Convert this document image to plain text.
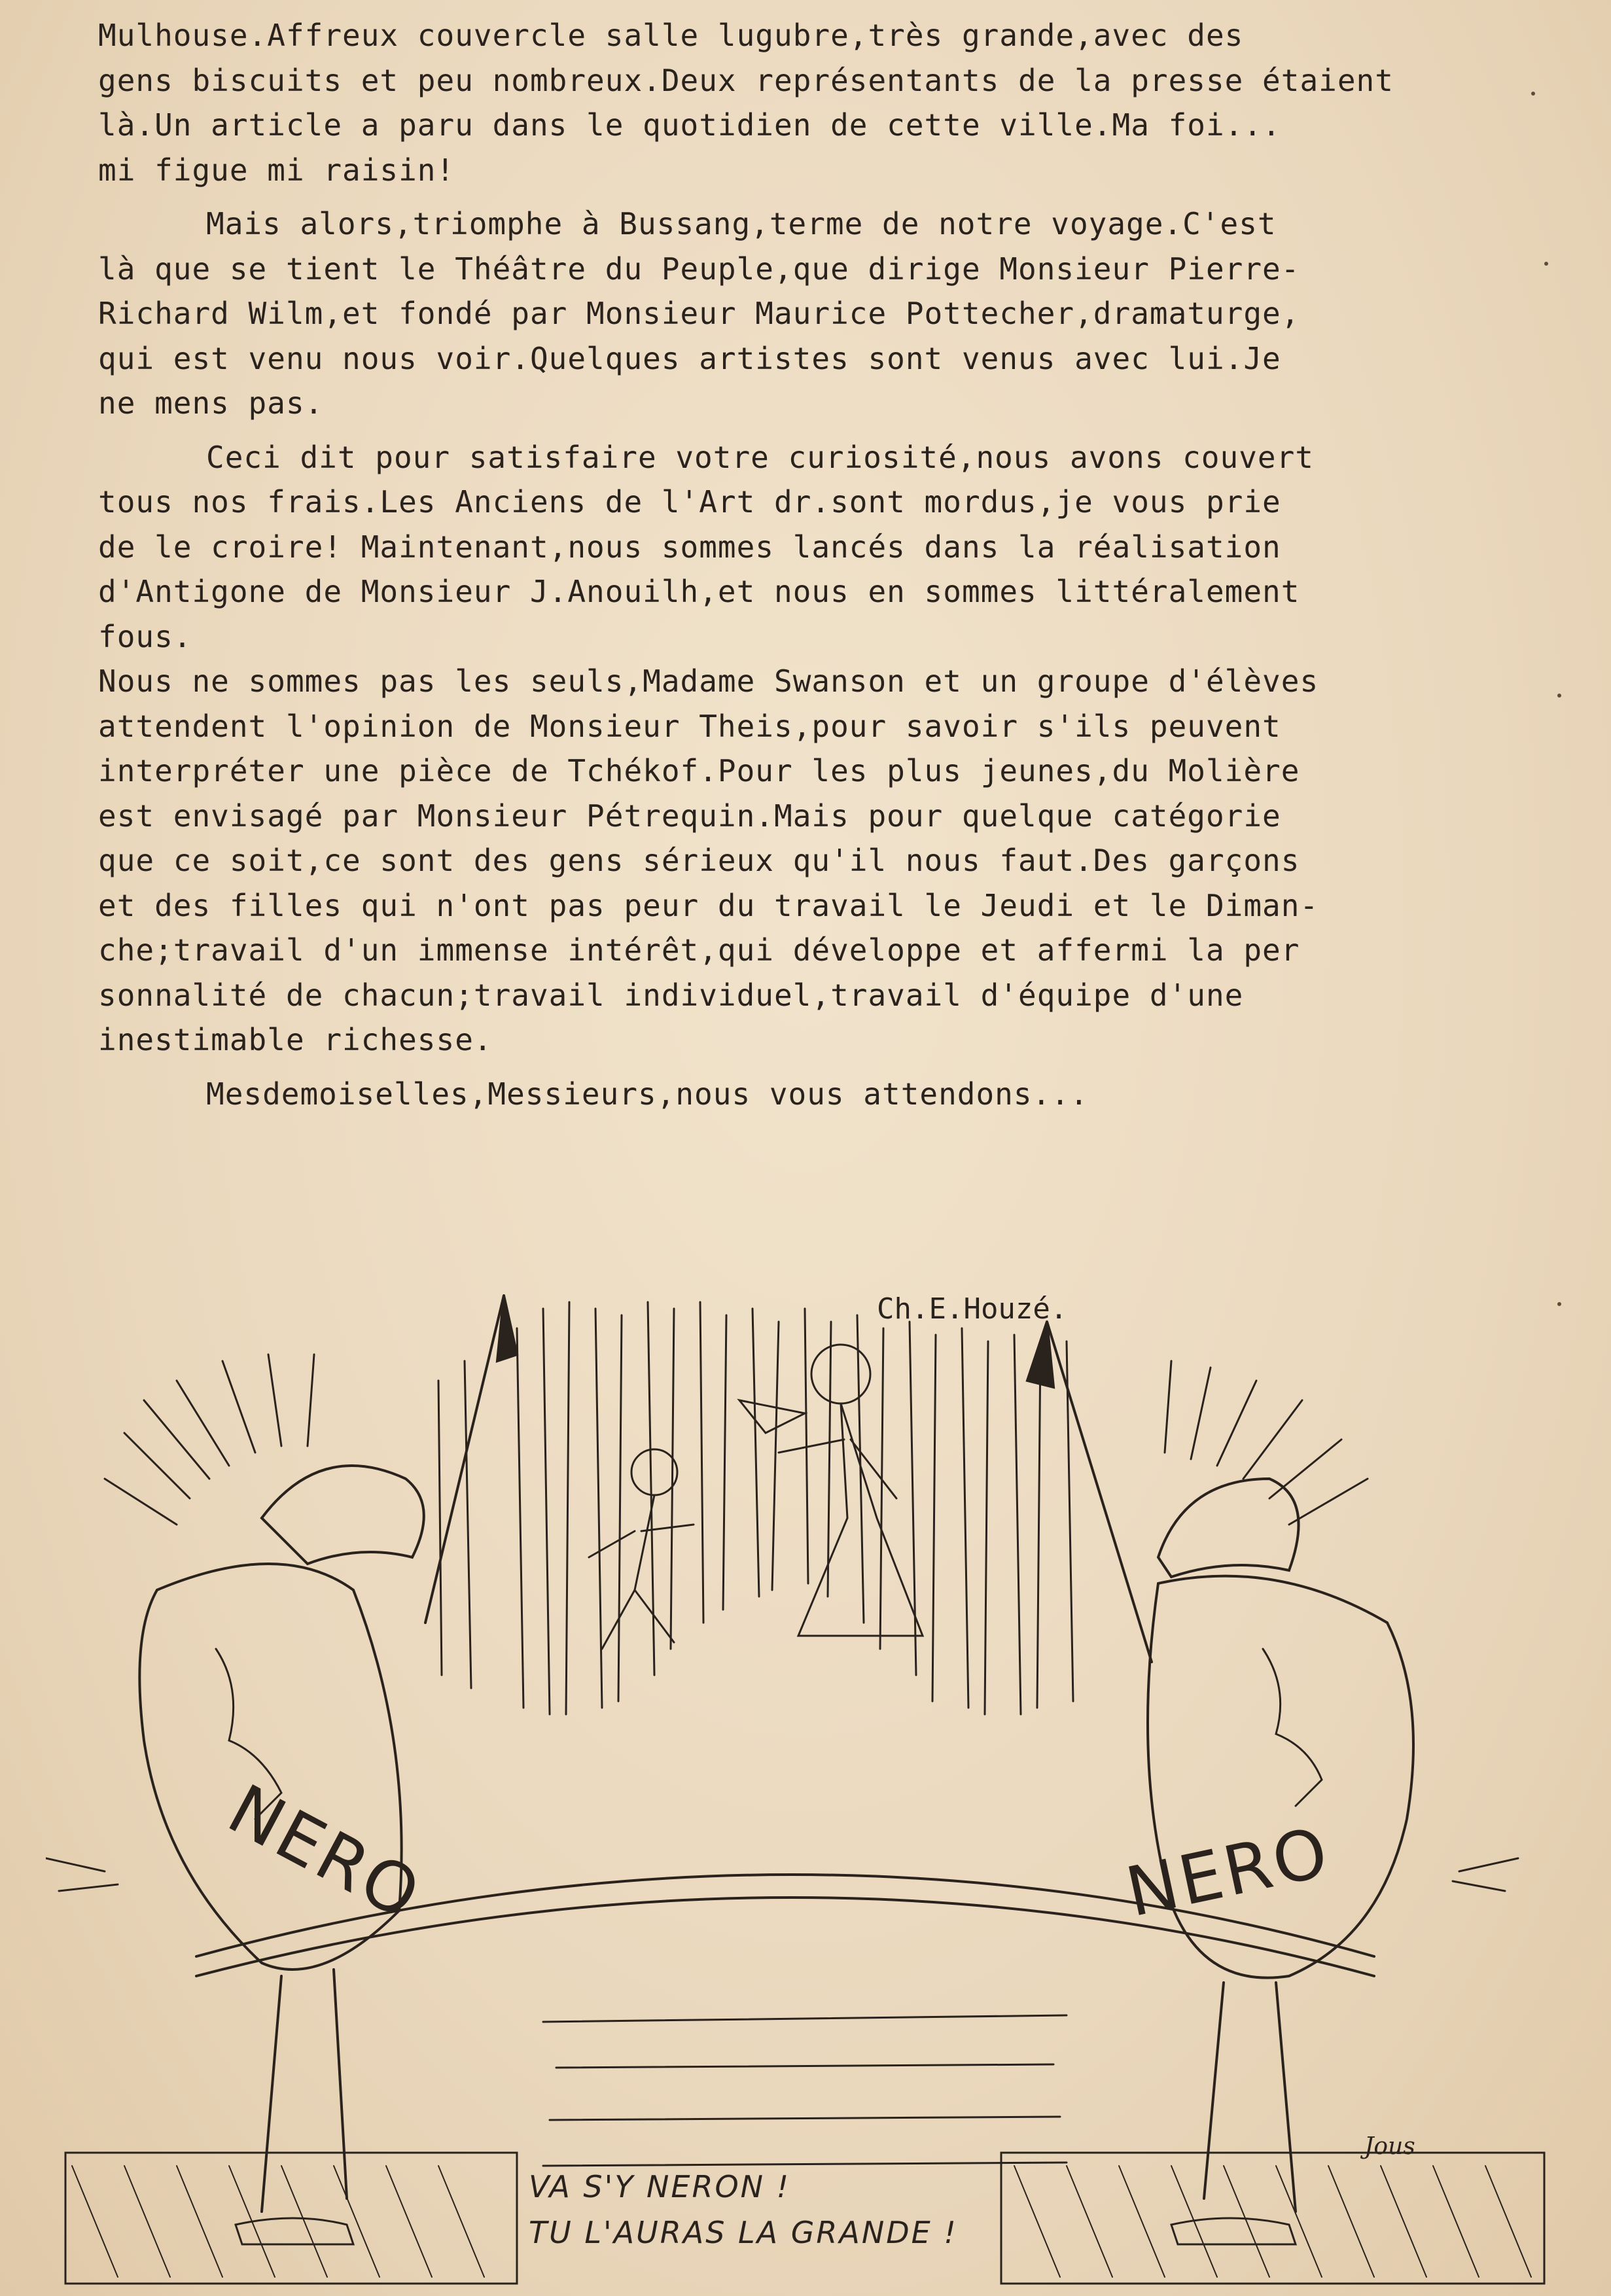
Mulhouse.Affreux couvercle salle lugubre,très grande,avec des
gens biscuits et peu nombreux.Deux représentants de la presse étaient
là.Un article a paru dans le quotidien de cette ville.Ma foi...
mi figue mi raisin!
Mais alors,triomphe à Bussang,terme de notre voyage.C'est
là que se tient le Théâtre du Peuple,que dirige Monsieur Pierre-
Richard Wilm,et fondé par Monsieur Maurice Pottecher,dramaturge,
qui est venu nous voir.Quelques artistes sont venus avec lui.Je
ne mens pas.
Ceci dit pour satisfaire votre curiosité,nous avons couvert
tous nos frais.Les Anciens de l'Art dr.sont mordus,je vous prie
de le croire! Maintenant,nous sommes lancés dans la réalisation
d'Antigone de Monsieur J.Anouilh,et nous en sommes littéralement
fous.
Nous ne sommes pas les seuls,Madame Swanson et un groupe d'élèves
attendent l'opinion de Monsieur Theis,pour savoir s'ils peuvent
interpréter une pièce de Tchékof.Pour les plus jeunes,du Molière
est envisagé par Monsieur Pétrequin.Mais pour quelque catégorie
que ce soit,ce sont des gens sérieux qu'il nous faut.Des garçons
et des filles qui n'ont pas peur du travail le Jeudi et le Diman-
che;travail d'un immense intérêt,qui développe et affermi la per
sonnalité de chacun;travail individuel,travail d'équipe d'une
inestimable richesse.
Mesdemoiselles,Messieurs,nous vous attendons...
Ch.E.Houzé.
NERO	NERO
VA S'Y NERON !
TU L'AURAS LA GRANDE !
Jous
